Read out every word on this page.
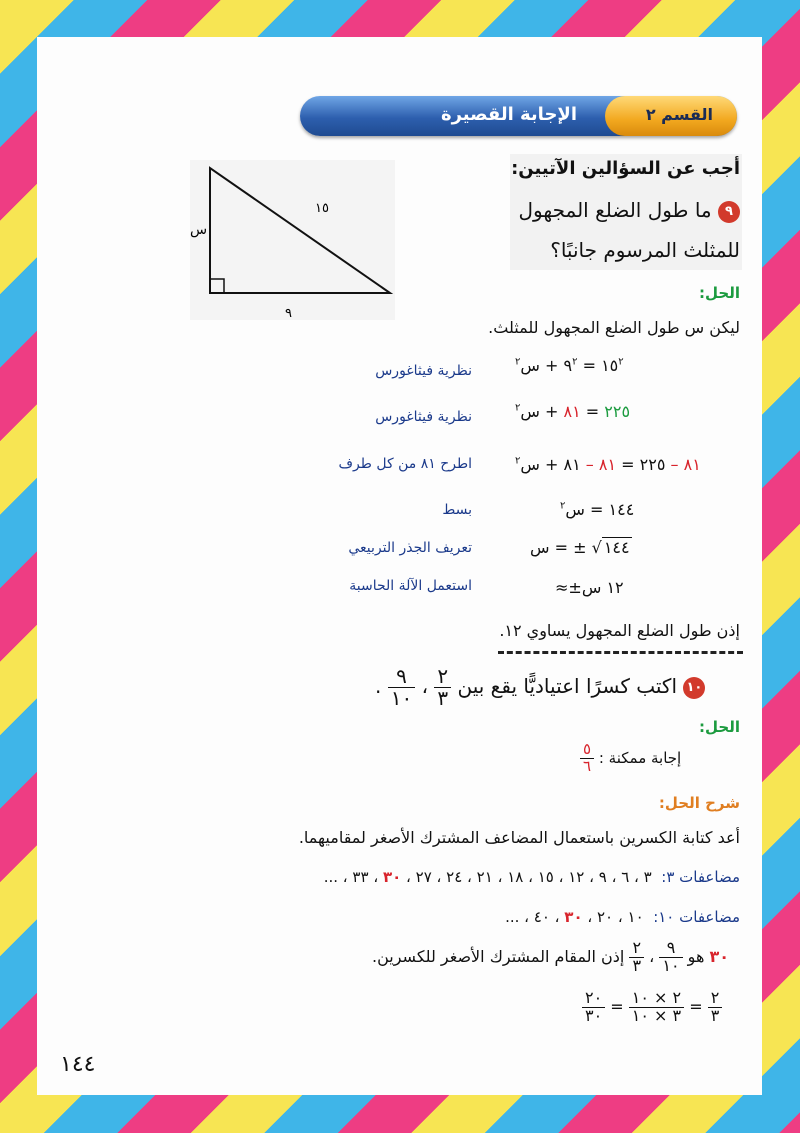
القسم ٢
الإجابة القصيرة
١٥
٩
س
أجب عن السؤالين الآتيين:
٩ ما طول الضلع المجهول
للمثلث المرسوم جانبًا؟
الحل:
ليكن س طول الضلع المجهول للمثلث.
$١٥^٢$ = $٩^٢$ + س$^٢$
٢٢٥ = ٨١ + س$^٢$
٨١ – ٢٢٥ = ٨١ – ٨١ + س$^٢$
١٤٤ = س$^٢$
١٤٤√ ± = س
≈±١٢ س
نظرية فيثاغورس
نظرية فيثاغورس
اطرح ٨١ من كل طرف
بسط
تعريف الجذر التربيعي
استعمل الآلة الحاسبة
إذن طول الضلع المجهول يساوي ١٢.
. $\frac{٩}{١٠}$ ، $\frac{٢}{٣}$ اكتب كسرًا اعتياديًّا يقع بين ١٠
الحل:
$\frac{٥}{٦}$ إجابة ممكنة :
شرح الحل:
أعد كتابة الكسرين باستعمال المضاعف المشترك الأصغر لمقاميهما.
مضاعفات ٣:  ٣ ، ٦ ، ٩ ، ١٢ ، ١٥ ، ١٨ ، ٢١ ، ٢٤ ، ٢٧ ، ٣٠ ، ٣٣ ، ...
مضاعفات ١٠:  ١٠ ، ٢٠ ، ٣٠ ، ٤٠ ، ...
.	٣٠ هو
$\frac{٩}{١٠}$
،
$\frac{٢}{٣}$
إذن المقام المشترك الأصغر للكسرين
$\frac{٢٠}{٣٠} = \frac{٢ \times ١٠}{٣ \times ١٠} = \frac{٢}{٣}$
١٤٤
